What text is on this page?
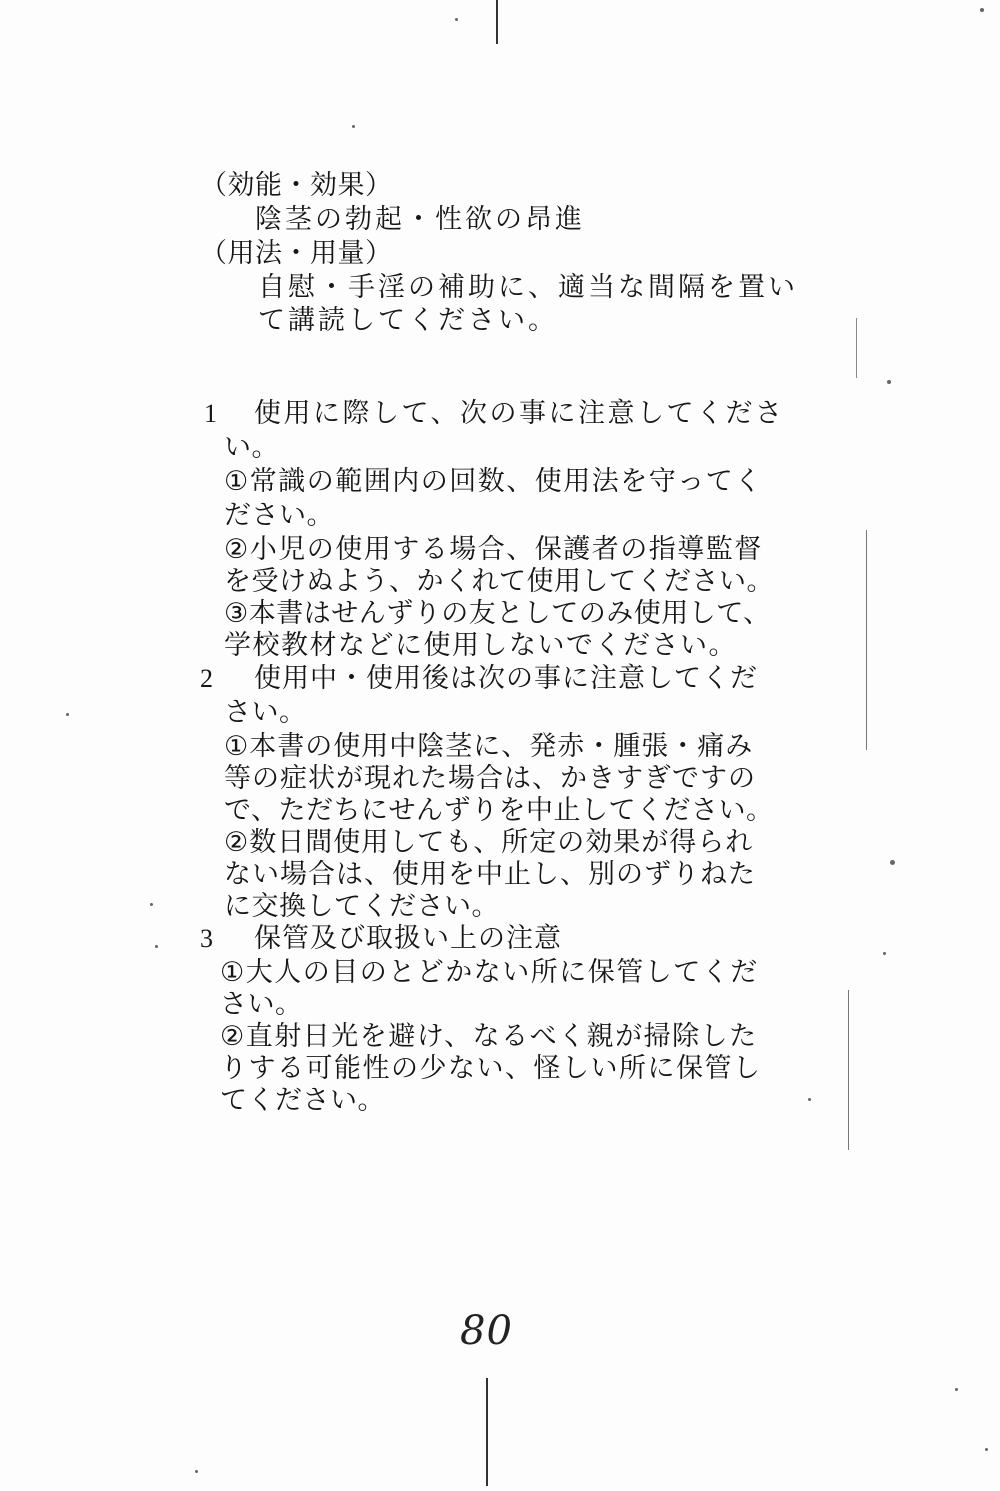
（効能・効果）
陰茎の勃起・性欲の昂進
（用法・用量）
自慰・手淫の補助に、適当な間隔を置い
て講読してください。
1 使用に際して、次の事に注意してくださ
い。
①常識の範囲内の回数、使用法を守ってく
ださい。
②小児の使用する場合、保護者の指導監督
を受けぬよう、かくれて使用してください。
③本書はせんずりの友としてのみ使用して、
学校教材などに使用しないでください。
2 使用中・使用後は次の事に注意してくだ
さい。
①本書の使用中陰茎に、発赤・腫張・痛み
等の症状が現れた場合は、かきすぎですの
で、ただちにせんずりを中止してください。
②数日間使用しても、所定の効果が得られ
ない場合は、使用を中止し、別のずりねた
に交換してください。
3 保管及び取扱い上の注意
①大人の目のとどかない所に保管してくだ
さい。
②直射日光を避け、なるべく親が掃除した
りする可能性の少ない、怪しい所に保管し
てください。
80
